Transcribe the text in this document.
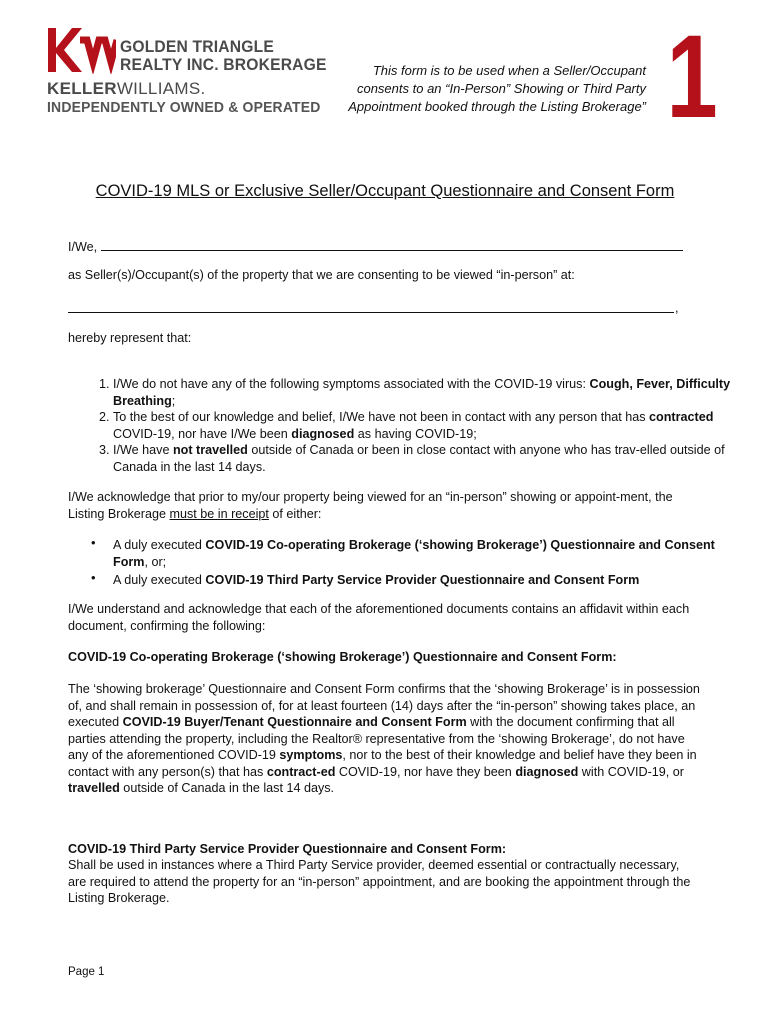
GOLDEN TRIANGLE
REALTY INC. BROKERAGE
KELLERWILLIAMS.
INDEPENDENTLY OWNED & OPERATED
This form is to be used when a Seller/Occupant
consents to an “In-Person” Showing or Third Party
Appointment booked through the Listing Brokerage” 1
COVID-19 MLS or Exclusive Seller/Occupant Questionnaire and Consent Form
I/We,
as Seller(s)/Occupant(s) of the property that we are consenting to be viewed “in-person” at:
,
hereby represent that:
1. I/We do not have any of the following symptoms associated with the COVID-19 virus: Cough, Fever, Difficulty Breathing;
2. To the best of our knowledge and belief, I/We have not been in contact with any person that has contracted COVID-19, nor have I/We been diagnosed as having COVID-19;
3. I/We have not travelled outside of Canada or been in close contact with anyone who has trav-elled outside of Canada in the last 14 days.
I/We acknowledge that prior to my/our property being viewed for an “in-person” showing or appoint-ment, the Listing Brokerage must be in receipt of either:
• A duly executed COVID-19 Co-operating Brokerage (‘showing Brokerage’) Questionnaire and Consent Form, or;
• A duly executed COVID-19 Third Party Service Provider Questionnaire and Consent Form
I/We understand and acknowledge that each of the aforementioned documents contains an affidavit within each document, confirming the following:
COVID-19 Co-operating Brokerage (‘showing Brokerage’) Questionnaire and Consent Form:
The ‘showing brokerage’ Questionnaire and Consent Form confirms that the ‘showing Brokerage’ is in possession of, and shall remain in possession of, for at least fourteen (14) days after the “in-person” showing takes place, an executed COVID-19 Buyer/Tenant Questionnaire and Consent Form with the document confirming that all parties attending the property, including the Realtor® representative from the ‘showing Brokerage’, do not have any of the aforementioned COVID-19 symptoms, nor to the best of their knowledge and belief have they been in contact with any person(s) that has contract-ed COVID-19, nor have they been diagnosed with COVID-19, or travelled outside of Canada in the last 14 days.
COVID-19 Third Party Service Provider Questionnaire and Consent Form:
Shall be used in instances where a Third Party Service provider, deemed essential or contractually necessary, are required to attend the property for an “in-person” appointment, and are booking the appointment through the Listing Brokerage.
Page 1
